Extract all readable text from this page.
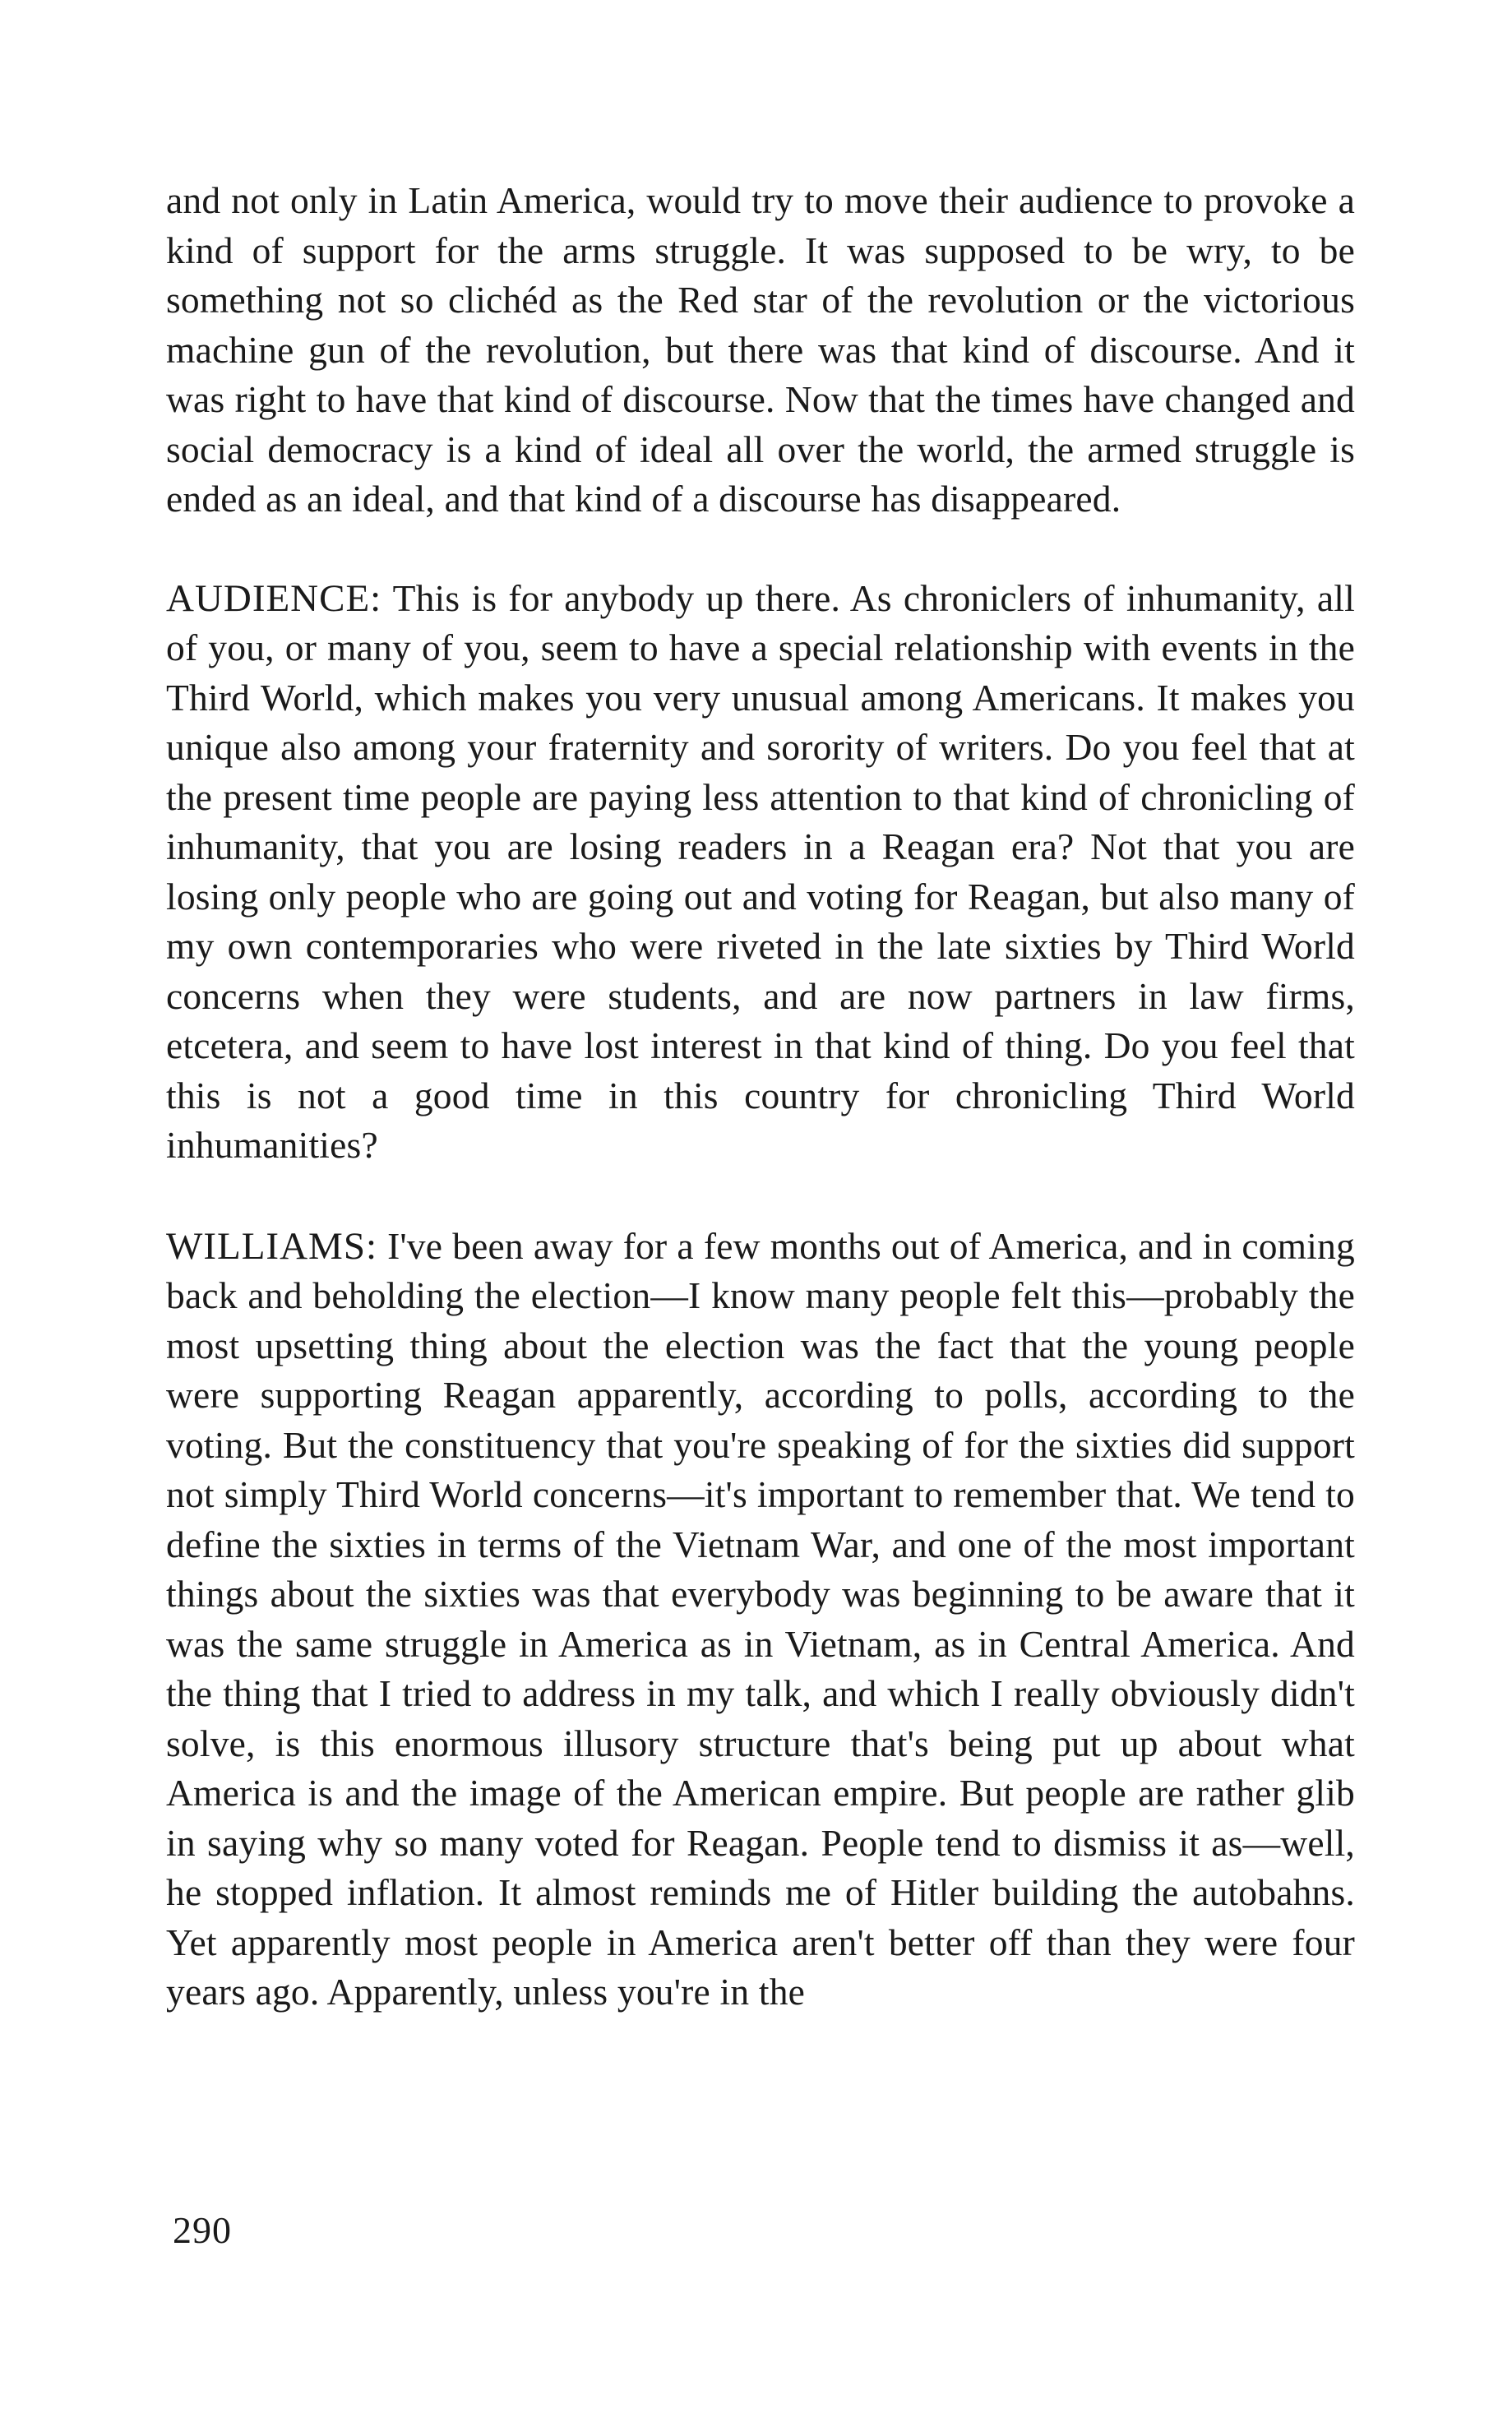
and not only in Latin America, would try to move their audience to provoke a kind of support for the arms struggle. It was supposed to be wry, to be something not so clichéd as the Red star of the revolution or the victorious machine gun of the revolution, but there was that kind of discourse. And it was right to have that kind of discourse. Now that the times have changed and social democracy is a kind of ideal all over the world, the armed struggle is ended as an ideal, and that kind of a discourse has disappeared.

AUDIENCE: This is for anybody up there. As chroniclers of inhumanity, all of you, or many of you, seem to have a special relationship with events in the Third World, which makes you very unusual among Americans. It makes you unique also among your fraternity and sorority of writers. Do you feel that at the present time people are paying less attention to that kind of chronicling of inhumanity, that you are losing readers in a Reagan era? Not that you are losing only people who are going out and voting for Reagan, but also many of my own contemporaries who were riveted in the late sixties by Third World concerns when they were students, and are now partners in law firms, etcetera, and seem to have lost interest in that kind of thing. Do you feel that this is not a good time in this country for chronicling Third World inhumanities?

WILLIAMS: I've been away for a few months out of America, and in coming back and beholding the election—I know many people felt this—probably the most upsetting thing about the election was the fact that the young people were supporting Reagan apparently, according to polls, according to the voting. But the constituency that you're speaking of for the sixties did support not simply Third World concerns—it's important to remember that. We tend to define the sixties in terms of the Vietnam War, and one of the most important things about the sixties was that everybody was beginning to be aware that it was the same struggle in America as in Vietnam, as in Central America. And the thing that I tried to address in my talk, and which I really obviously didn't solve, is this enormous illusory structure that's being put up about what America is and the image of the American empire. But people are rather glib in saying why so many voted for Reagan. People tend to dismiss it as—well, he stopped inflation. It almost reminds me of Hitler building the autobahns. Yet apparently most people in America aren't better off than they were four years ago. Apparently, unless you're in the

290
